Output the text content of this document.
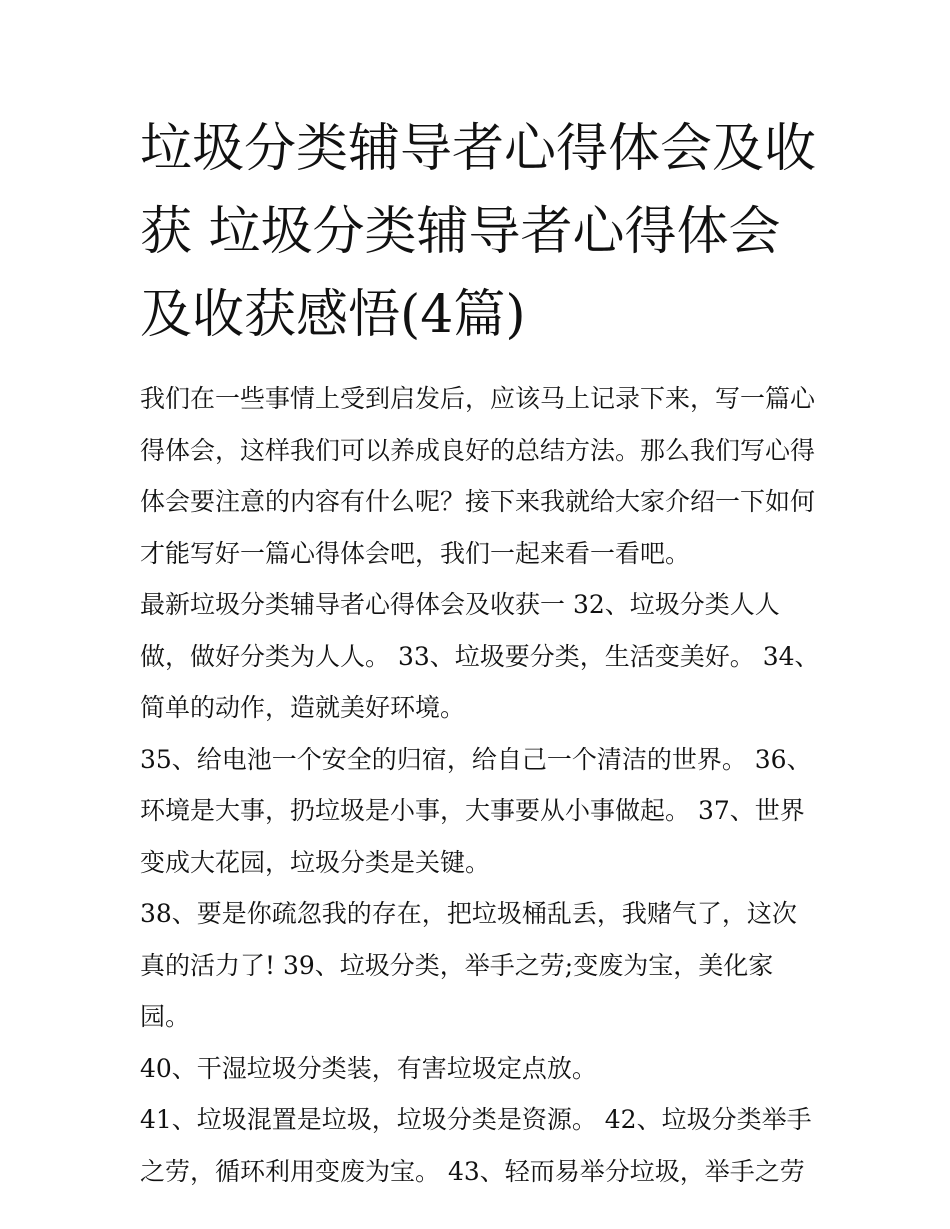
垃圾分类辅导者心得体会及收获 垃圾分类辅导者心得体会及收获感悟(4篇)

我们在一些事情上受到启发后，应该马上记录下来，写一篇心得体会，这样我们可以养成良好的总结方法。那么我们写心得体会要注意的内容有什么呢？接下来我就给大家介绍一下如何才能写好一篇心得体会吧，我们一起来看一看吧。

最新垃圾分类辅导者心得体会及收获一 32、垃圾分类人人做，做好分类为人人。 33、垃圾要分类，生活变美好。 34、简单的动作，造就美好环境。

35、给电池一个安全的归宿，给自己一个清洁的世界。 36、环境是大事，扔垃圾是小事，大事要从小事做起。 37、世界变成大花园，垃圾分类是关键。

38、要是你疏忽我的存在，把垃圾桶乱丢，我赌气了，这次真的活力了! 39、垃圾分类，举手之劳;变废为宝，美化家园。

40、干湿垃圾分类装，有害垃圾定点放。

41、垃圾混置是垃圾，垃圾分类是资源。 42、垃圾分类举手之劳，循环利用变废为宝。 43、轻而易举分垃圾，举手之劳
